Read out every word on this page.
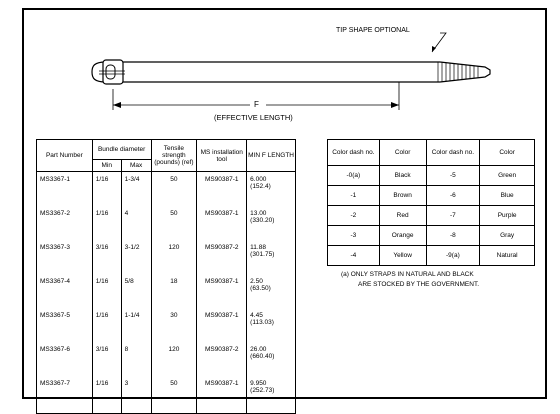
TIP SHAPE OPTIONAL
F
(EFFECTIVE LENGTH)
Part Number	Bundle diameter		Tensile strength (pounds) (ref)	MS installation tool	MIN F LENGTH
	Min	Max			
MS3367-1	1/16	1-3/4	50	MS90387-1	6.000
(152.4)

MS3367-2	1/16	4	50	MS90387-1	13.00
(330.20)

MS3367-3	3/16	3-1/2	120	MS90387-2	11.88
(301.75)

MS3367-4	1/16	5/8	18	MS90387-1	2.50
(63.50)

MS3367-5	1/16	1-1/4	30	MS90387-1	4.45
(113.03)

MS3367-6	3/16	8	120	MS90387-2	26.00
(660.40)

MS3367-7	1/16	3	50	MS90387-1	9.950
(252.73)
Color dash no.	Color	Color dash no.	Color
-0(a)	Black	-5	Green
-1	Brown	-6	Blue
-2	Red	-7	Purple
-3	Orange	-8	Gray
-4	Yellow	-9(a)	Natural
(a) ONLY STRAPS IN NATURAL AND BLACK
ARE STOCKED BY THE GOVERNMENT.
